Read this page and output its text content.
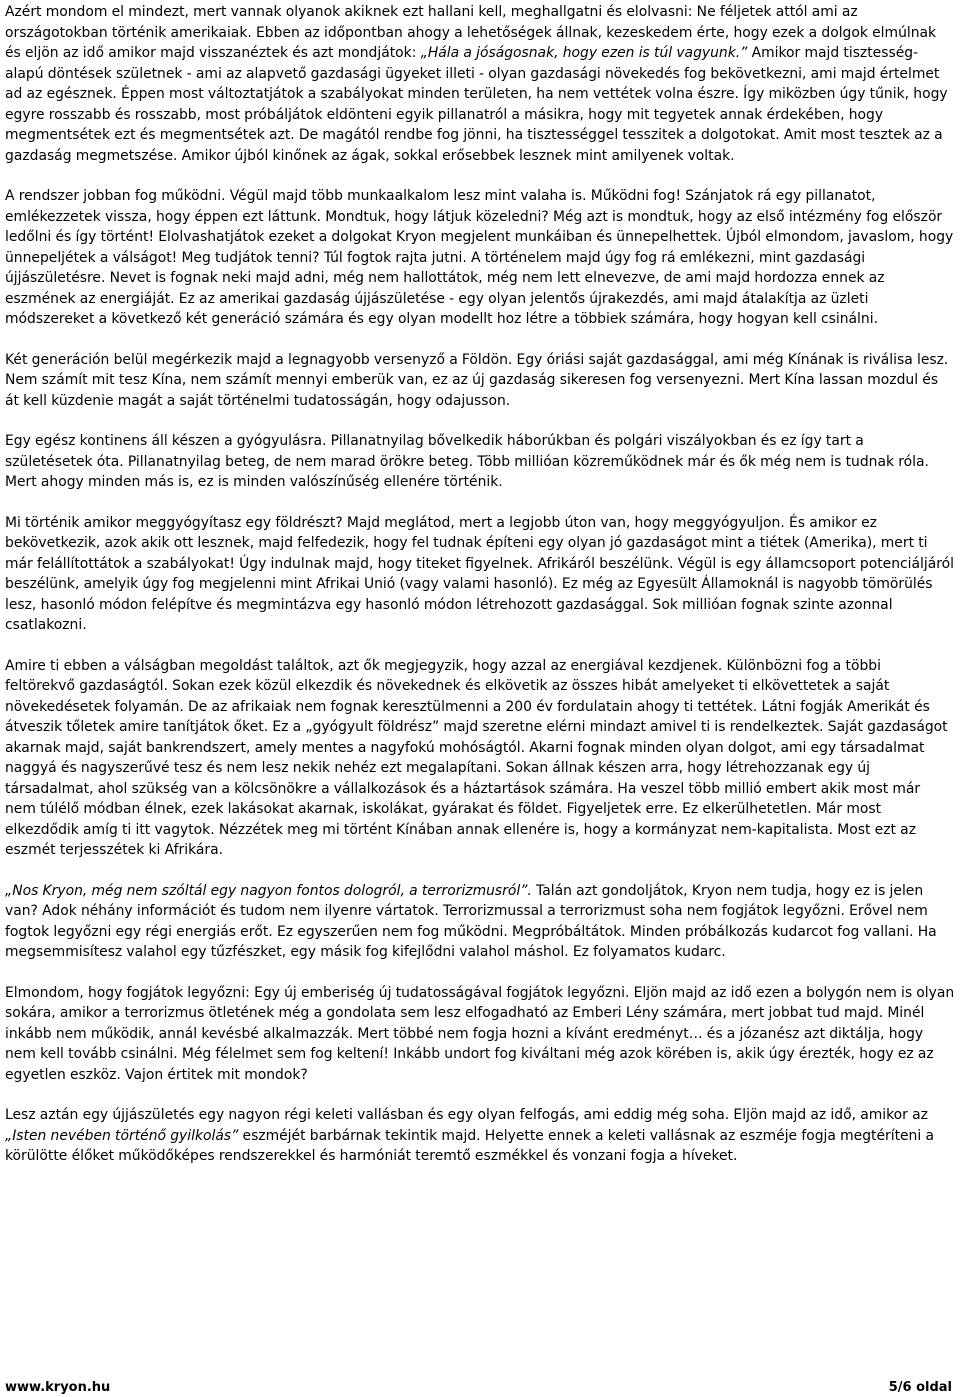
Azért mondom el mindezt, mert vannak olyanok akiknek ezt hallani kell, meghallgatni és elolvasni: Ne féljetek attól ami az országotokban történik amerikaiak. Ebben az időpontban ahogy a lehetőségek állnak, kezeskedem érte, hogy ezek a dolgok elmúlnak és eljön az idő amikor majd visszanéztek és azt mondjátok: „Hála a jóságosnak, hogy ezen is túl vagyunk.” Amikor majd tisztesség-alapú döntések születnek - ami az alapvető gazdasági ügyeket illeti - olyan gazdasági növekedés fog bekövetkezni, ami majd értelmet ad az egésznek. Éppen most változtatjátok a szabályokat minden területen, ha nem vettétek volna észre. Így miközben úgy tűnik, hogy egyre rosszabb és rosszabb, most próbáljátok eldönteni egyik pillanatról a másikra, hogy mit tegyetek annak érdekében, hogy megmentsétek ezt és megmentsétek azt. De magától rendbe fog jönni, ha tisztességgel tesszitek a dolgotokat. Amit most tesztek az a gazdaság megmetszése. Amikor újból kinőnek az ágak, sokkal erősebbek lesznek mint amilyenek voltak.

A rendszer jobban fog működni. Végül majd több munkaalkalom lesz mint valaha is. Működni fog! Szánjatok rá egy pillanatot, emlékezzetek vissza, hogy éppen ezt láttunk. Mondtuk, hogy látjuk közeledni? Még azt is mondtuk, hogy az első intézmény fog először ledőlni és így történt! Elolvashatjátok ezeket a dolgokat Kryon megjelent munkáiban és ünnepelhettek. Újból elmondom, javaslom, hogy ünnepeljétek a válságot! Meg tudjátok tenni? Túl fogtok rajta jutni. A történelem majd úgy fog rá emlékezni, mint gazdasági újjászületésre. Nevet is fognak neki majd adni, még nem hallottátok, még nem lett elnevezve, de ami majd hordozza ennek az eszmének az energiáját. Ez az amerikai gazdaság újjászületése - egy olyan jelentős újrakezdés, ami majd átalakítja az üzleti módszereket a következő két generáció számára és egy olyan modellt hoz létre a többiek számára, hogy hogyan kell csinálni.

Két generáción belül megérkezik majd a legnagyobb versenyző a Földön. Egy óriási saját gazdasággal, ami még Kínának is riválisa lesz. Nem számít mit tesz Kína, nem számít mennyi emberük van, ez az új gazdaság sikeresen fog versenyezni. Mert Kína lassan mozdul és át kell küzdenie magát a saját történelmi tudatosságán, hogy odajusson.

Egy egész kontinens áll készen a gyógyulásra. Pillanatnyilag bővelkedik háborúkban és polgári viszályokban és ez így tart a születésetek óta. Pillanatnyilag beteg, de nem marad örökre beteg. Több millióan közreműködnek már és ők még nem is tudnak róla. Mert ahogy minden más is, ez is minden valószínűség ellenére történik.

Mi történik amikor meggyógyítasz egy földrészt? Majd meglátod, mert a legjobb úton van, hogy meggyógyuljon. És amikor ez bekövetkezik, azok akik ott lesznek, majd felfedezik, hogy fel tudnak építeni egy olyan jó gazdaságot mint a tiétek (Amerika), mert ti már felállítottátok a szabályokat! Úgy indulnak majd, hogy titeket figyelnek. Afrikáról beszélünk. Végül is egy államcsoport potenciáljáról beszélünk, amelyik úgy fog megjelenni mint Afrikai Unió (vagy valami hasonló). Ez még az Egyesült Államoknál is nagyobb tömörülés lesz, hasonló módon felépítve és megmintázva egy hasonló módon létrehozott gazdasággal. Sok millióan fognak szinte azonnal csatlakozni.

Amire ti ebben a válságban megoldást találtok, azt ők megjegyzik, hogy azzal az energiával kezdjenek. Különbözni fog a többi feltörekvő gazdaságtól. Sokan ezek közül elkezdik és növekednek és elkövetik az összes hibát amelyeket ti elkövettetek a saját növekedésetek folyamán. De az afrikaiak nem fognak keresztülmenni a 200 év fordulatain ahogy ti tettétek. Látni fogják Amerikát és átveszik tőletek amire tanítjátok őket. Ez a „gyógyult földrész” majd szeretne elérni mindazt amivel ti is rendelkeztek. Saját gazdaságot akarnak majd, saját bankrendszert, amely mentes a nagyfokú mohóságtól. Akarni fognak minden olyan dolgot, ami egy társadalmat naggyá és nagyszerűvé tesz és nem lesz nekik nehéz ezt megalapítani. Sokan állnak készen arra, hogy létrehozzanak egy új társadalmat, ahol szükség van a kölcsönökre a vállalkozások és a háztartások számára. Ha veszel több millió embert akik most már nem túlélő módban élnek, ezek lakásokat akarnak, iskolákat, gyárakat és földet. Figyeljetek erre. Ez elkerülhetetlen. Már most elkezdődik amíg ti itt vagytok. Nézzétek meg mi történt Kínában annak ellenére is, hogy a kormányzat nem-kapitalista. Most ezt az eszmét terjesszétek ki Afrikára.

„Nos Kryon, még nem szóltál egy nagyon fontos dologról, a terrorizmusról”. Talán azt gondoljátok, Kryon nem tudja, hogy ez is jelen van? Adok néhány információt és tudom nem ilyenre vártatok. Terrorizmussal a terrorizmust soha nem fogjátok legyőzni. Erővel nem fogtok legyőzni egy régi energiás erőt. Ez egyszerűen nem fog működni. Megpróbáltátok. Minden próbálkozás kudarcot fog vallani. Ha megsemmisítesz valahol egy tűzfészket, egy másik fog kifejlődni valahol máshol. Ez folyamatos kudarc.

Elmondom, hogy fogjátok legyőzni: Egy új emberiség új tudatosságával fogjátok legyőzni. Eljön majd az idő ezen a bolygón nem is olyan sokára, amikor a terrorizmus ötletének még a gondolata sem lesz elfogadható az Emberi Lény számára, mert jobbat tud majd. Minél inkább nem működik, annál kevésbé alkalmazzák. Mert többé nem fogja hozni a kívánt eredményt… és a józanész azt diktálja, hogy nem kell tovább csinálni. Még félelmet sem fog keltení! Inkább undort fog kiváltani még azok körében is, akik úgy érezték, hogy ez az egyetlen eszköz. Vajon értitek mit mondok?

Lesz aztán egy újjászületés egy nagyon régi keleti vallásban és egy olyan felfogás, ami eddig még soha. Eljön majd az idő, amikor az „Isten nevében történő gyilkolás” eszméjét barbárnak tekintik majd. Helyette ennek a keleti vallásnak az eszméje fogja megtéríteni a körülötte élőket működőképes rendszerekkel és harmóniát teremtő eszmékkel és vonzani fogja a híveket.

www.kryon.hu	5/6 oldal
